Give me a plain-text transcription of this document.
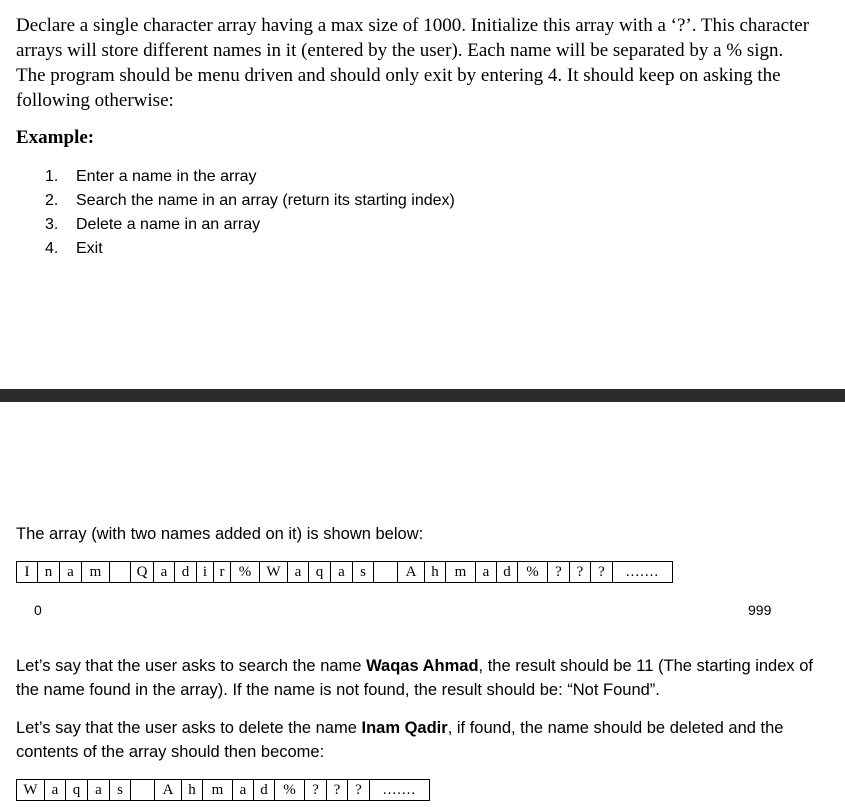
Declare a single character array having a max size of 1000. Initialize this array with a ‘?’. This character arrays will store different names in it (entered by the user). Each name will be separated by a % sign. The program should be menu driven and should only exit by entering 4. It should keep on asking the following otherwise:

Example:

1.	Enter a name in the array
2.	Search the name in an array (return its starting index)
3.	Delete a name in an array
4.	Exit

The array (with two names added on it) is shown below:

I	n a	m	Q a d i r %	W a q a	s	A h	m	a d	%	? ? ?	.......
0	999

Let’s say that the user asks to search the name Waqas Ahmad, the result should be 11 (The starting index of the name found in the array). If the name is not found, the result should be: “Not Found”.

Let’s say that the user asks to delete the name Inam Qadir, if found, the name should be deleted and the contents of the array should then become:

W a q a	s	A h	m	a d	%	? ? ?	.......
